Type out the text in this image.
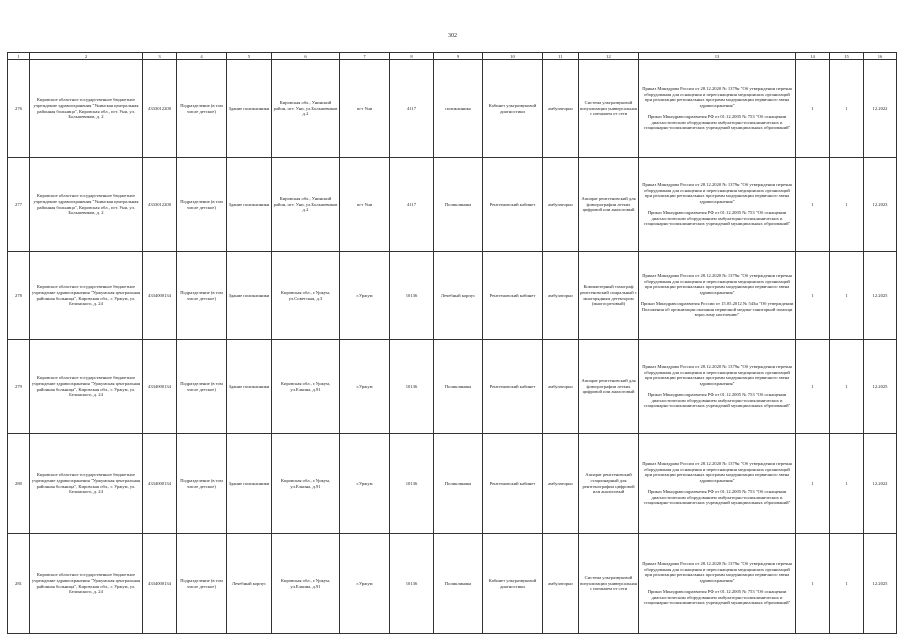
302
1	2	3	4	5	6	7	8	9	10	11	12	13	14	15	16
276	Кировское областное государственное бюджетное учреждение здравоохранения "Унинская центральная районная больница", Кировская обл., пгт. Уни, ул. Большевиков, д. 2	4333012200	Подразделение (в том числе детское)	Здание поликлиники	Кировская обл., Унинский район, пгт. Уни, ул.Большевиков д.2	пгт Уни	4117	поликлиника	Кабинет ультразвуковой диагностики	амбулаторно	Система ультразвуковой визуализации универсальная с питанием от сети	Приказ Минздрава России от 28.12.2020 № 1379н "Об утверждении перечня оборудования для оснащения и переоснащения медицинских организаций при реализации региональных программ модернизации первичного звена здравоохранения"
Приказ Минздравсоцразвития РФ от 01.12.2005 № 753 "Об оснащении диагностическим оборудованием амбулаторно-поликлинических и стационарно-поликлинических учреждений муниципальных образований"	1	1	12.2022
277	Кировское областное государственное бюджетное учреждение здравоохранения "Унинская центральная районная больница", Кировская обл., пгт. Уни, ул. Большевиков, д. 2	4333012200	Подразделение (в том числе детское)	Здание поликлиники	Кировская обл., Унинский район, пгт. Уни, ул.Большевиков д.2	пгт Уни	4117	Поликлиника	Рентгеновский кабинет	амбулаторно	Аппарат рентгеновский для флюорографии легких цифровой или аналоговый	Приказ Минздрава России от 28.12.2020 № 1379н "Об утверждении перечня оборудования для оснащения и переоснащения медицинских организаций при реализации региональных программ модернизации первичного звена здравоохранения"
Приказ Минздравсоцразвития РФ от 01.12.2005 № 753 "Об оснащении диагностическим оборудованием амбулаторно-поликлинических и стационарно-поликлинических учреждений муниципальных образований"	1	1	12.2023
278	Кировское областное государственное бюджетное учреждение здравоохранения "Уржумская центральная районная больница", Кировская обл., г. Уржум, ул. Белинского, д. 24	4334000134	Подразделение (в том числе детское)	Здание поликлиники	Кировская обл., г.Уржум, ул.Советская, д.3	г.Уржум	10136	Лечебный корпус	Рентгеновский кабинет	амбулаторно	Компьютерный томограф рентгеновский спиральный с многорядным детектором (многосрезовый)	Приказ Минздрава России от 28.12.2020 № 1379н "Об утверждении перечня оборудования для оснащения и переоснащения медицинских организаций при реализации региональных программ модернизации первичного звена здравоохранения"
Приказ Минздравсоцразвития России от 15.05.2012 № 543н "Об утверждении Положения об организации оказания первичной медико-санитарной помощи взрослому населению"	1	1	12.2025
279	Кировское областное государственное бюджетное учреждение здравоохранения "Уржумская центральная районная больница", Кировская обл., г. Уржум, ул. Белинского, д. 24	4334000134	Подразделение (в том числе детское)	Здание поликлиники	Кировская обл., г.Уржум, ул.Елкина, д.91	г.Уржум	10136	Поликлиника	Рентгеновский кабинет	амбулаторно	Аппарат рентгеновский для флюорографии легких цифровой или аналоговый	Приказ Минздрава России от 28.12.2020 № 1379н "Об утверждении перечня оборудования для оснащения и переоснащения медицинских организаций при реализации региональных программ модернизации первичного звена здравоохранения"
Приказ Минздравсоцразвития РФ от 01.12.2005 № 753 "Об оснащении диагностическим оборудованием амбулаторно-поликлинических и стационарно-поликлинических учреждений муниципальных образований"	1	1	12.2025
280	Кировское областное государственное бюджетное учреждение здравоохранения "Уржумская центральная районная больница", Кировская обл., г. Уржум, ул. Белинского, д. 24	4334000134	Подразделение (в том числе детское)	Здание поликлиники	Кировская обл., г.Уржум, ул.Елкина, д.91	г.Уржум	10136	Поликлиника	Рентгеновский кабинет	амбулаторно	Аппарат рентгеновский стационарный для рентгенографии цифровой или аналоговый	Приказ Минздрава России от 28.12.2020 № 1379н "Об утверждении перечня оборудования для оснащения и переоснащения медицинских организаций при реализации региональных программ модернизации первичного звена здравоохранения"
Приказ Минздравсоцразвития РФ от 01.12.2005 № 753 "Об оснащении диагностическим оборудованием амбулаторно-поликлинических и стационарно-поликлинических учреждений муниципальных образований"	1	1	12.2022
281	Кировское областное государственное бюджетное учреждение здравоохранения "Уржумская центральная районная больница", Кировская обл., г. Уржум, ул. Белинского, д. 24	4334000134	Подразделение (в том числе детское)	Лечебный корпус	Кировская обл., г.Уржум, ул.Елкина, д.91	г.Уржум	10136	Поликлиника	Кабинет ультразвуковой диагностики	амбулаторно	Система ультразвуковой визуализации универсальная с питанием от сети	Приказ Минздрава России от 28.12.2020 № 1379н "Об утверждении перечня оборудования для оснащения и переоснащения медицинских организаций при реализации региональных программ модернизации первичного звена здравоохранения"
Приказ Минздравсоцразвития РФ от 01.12.2005 № 753 "Об оснащении диагностическим оборудованием амбулаторно-поликлинических и стационарно-поликлинических учреждений муниципальных образований"	1	1	12.2025
